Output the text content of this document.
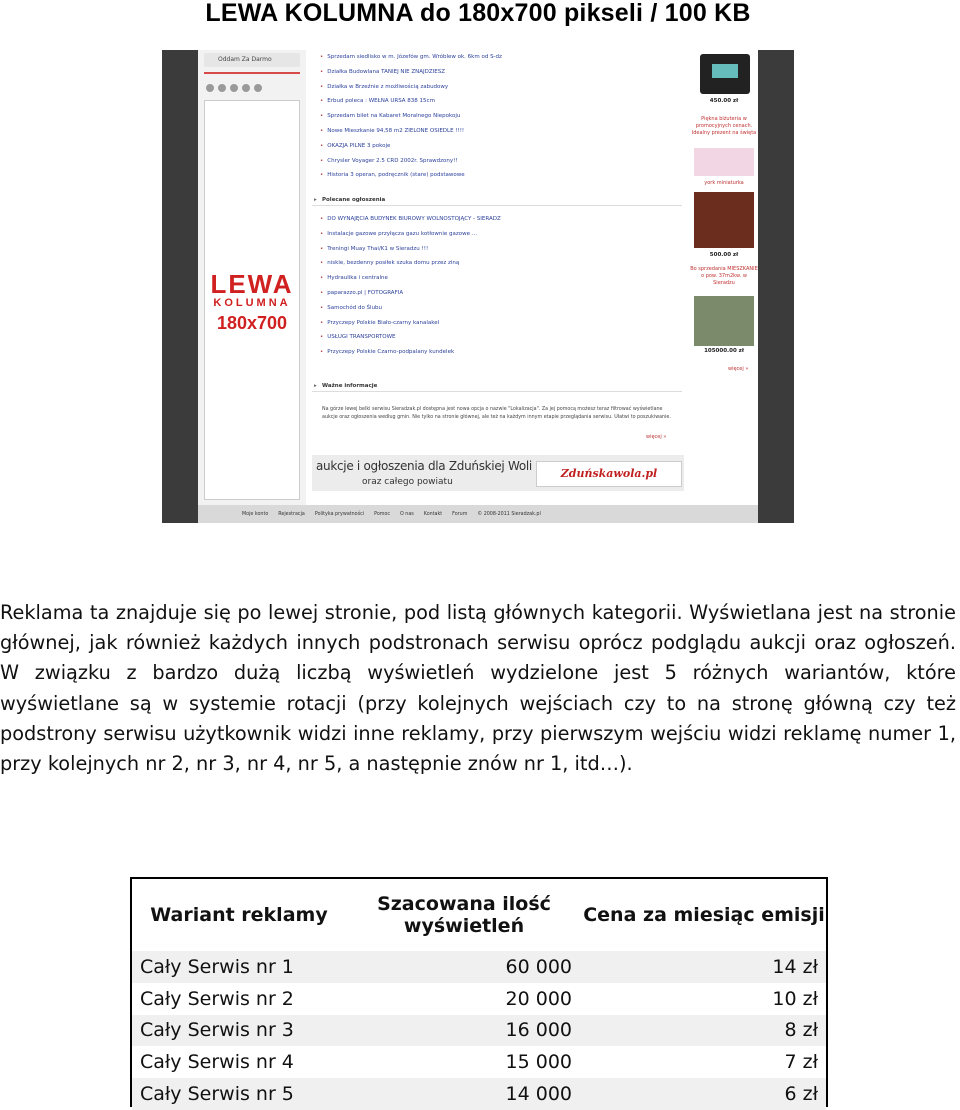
LEWA KOLUMNA do 180x700 pikseli / 100 KB
Oddam Za Darmo
LEWA
KOLUMNA
180x700
• Sprzedam siedlisko w m. Józefów gm. Wróblew ok. 6km od S-dz
• Działka Budowlana TANIEJ NIE ZNAJDZIESZ
• Działka w Brzeźnie z możliwością zabudowy
• Erbud poleca : WEŁNA URSA 838 15cm
• Sprzedam bilet na Kabaret Moralnego Niepokoju
• Nowe Mieszkanie 94,58 m2 ZIELONE OSIEDLE !!!!
• OKAZJA PILNE 3 pokoje
• Chrysler Voyager 2.5 CRD 2002r. Sprawdzony!!
• Historia 3 operan, podręcznik (stare) podstawowe
▸ Polecane ogłoszenia
• DO WYNAJĘCIA BUDYNEK BIUROWY WOLNOSTOJĄCY - SIERADZ
• Instalacje gazowe przyłącza gazu kotłownie gazowe ...
• Treningi Muay Thai/K1 w Sieradzu !!!
• niskie, bezdenny posiłek szuka domu przez ziną
• Hydraulika i centralne
• paparazzo.pl | FOTOGRAFIA
• Samochód do Ślubu
• Przyczepy Polskie Biało-czarny kanalakel
• USŁUGI TRANSPORTOWE
• Przyczepy Polskie Czarno-podpalany kundelek
▸ Ważne informacje
Na górze lewej belki serwisu Sieradzak.pl dostępna jest nowa opcja o nazwie "Lokalizacja". Za jej pomocą możesz teraz filtrować wyświetlane aukcje oraz ogłoszenia według gmin. Nie tylko na stronie głównej, ale też na każdym innym etapie przeglądania serwisu. Ułatwi to poszukiwanie.
więcej »
aukcje i ogłoszenia dla Zduńskiej Woli
oraz całego powiatu
Zduńskawola.pl
450.00 zł
Piękna biżuteria w promocyjnych cenach. Idealny prezent na święta
york miniaturka
500.00 zł
Bo sprzedania MIESZKANIE o pow. 37m2kw. w Sieradzu
105000.00 zł
więcej »
Moje konto Rejestracja Polityka prywatności Pomoc O nas Kontakt Forum © 2008-2011 Sieradzak.pl

Reklama ta znajduje się po lewej stronie, pod listą głównych kategorii. Wyświetlana jest na stronie głównej, jak również każdych innych podstronach serwisu oprócz podglądu aukcji oraz ogłoszeń. W związku z bardzo dużą liczbą wyświetleń wydzielone jest 5 różnych wariantów, które wyświetlane są w systemie rotacji (przy kolejnych wejściach czy to na stronę główną czy też podstrony serwisu użytkownik widzi inne reklamy, przy pierwszym wejściu widzi reklamę numer 1, przy kolejnych nr 2, nr 3, nr 4, nr 5, a następnie znów nr 1, itd…).

Wariant reklamy	Szacowana ilość wyświetleń	Cena za miesiąc emisji
Cały Serwis nr 1	60 000	14 zł
Cały Serwis nr 2	20 000	10 zł
Cały Serwis nr 3	16 000	8 zł
Cały Serwis nr 4	15 000	7 zł
Cały Serwis nr 5	14 000	6 zł
